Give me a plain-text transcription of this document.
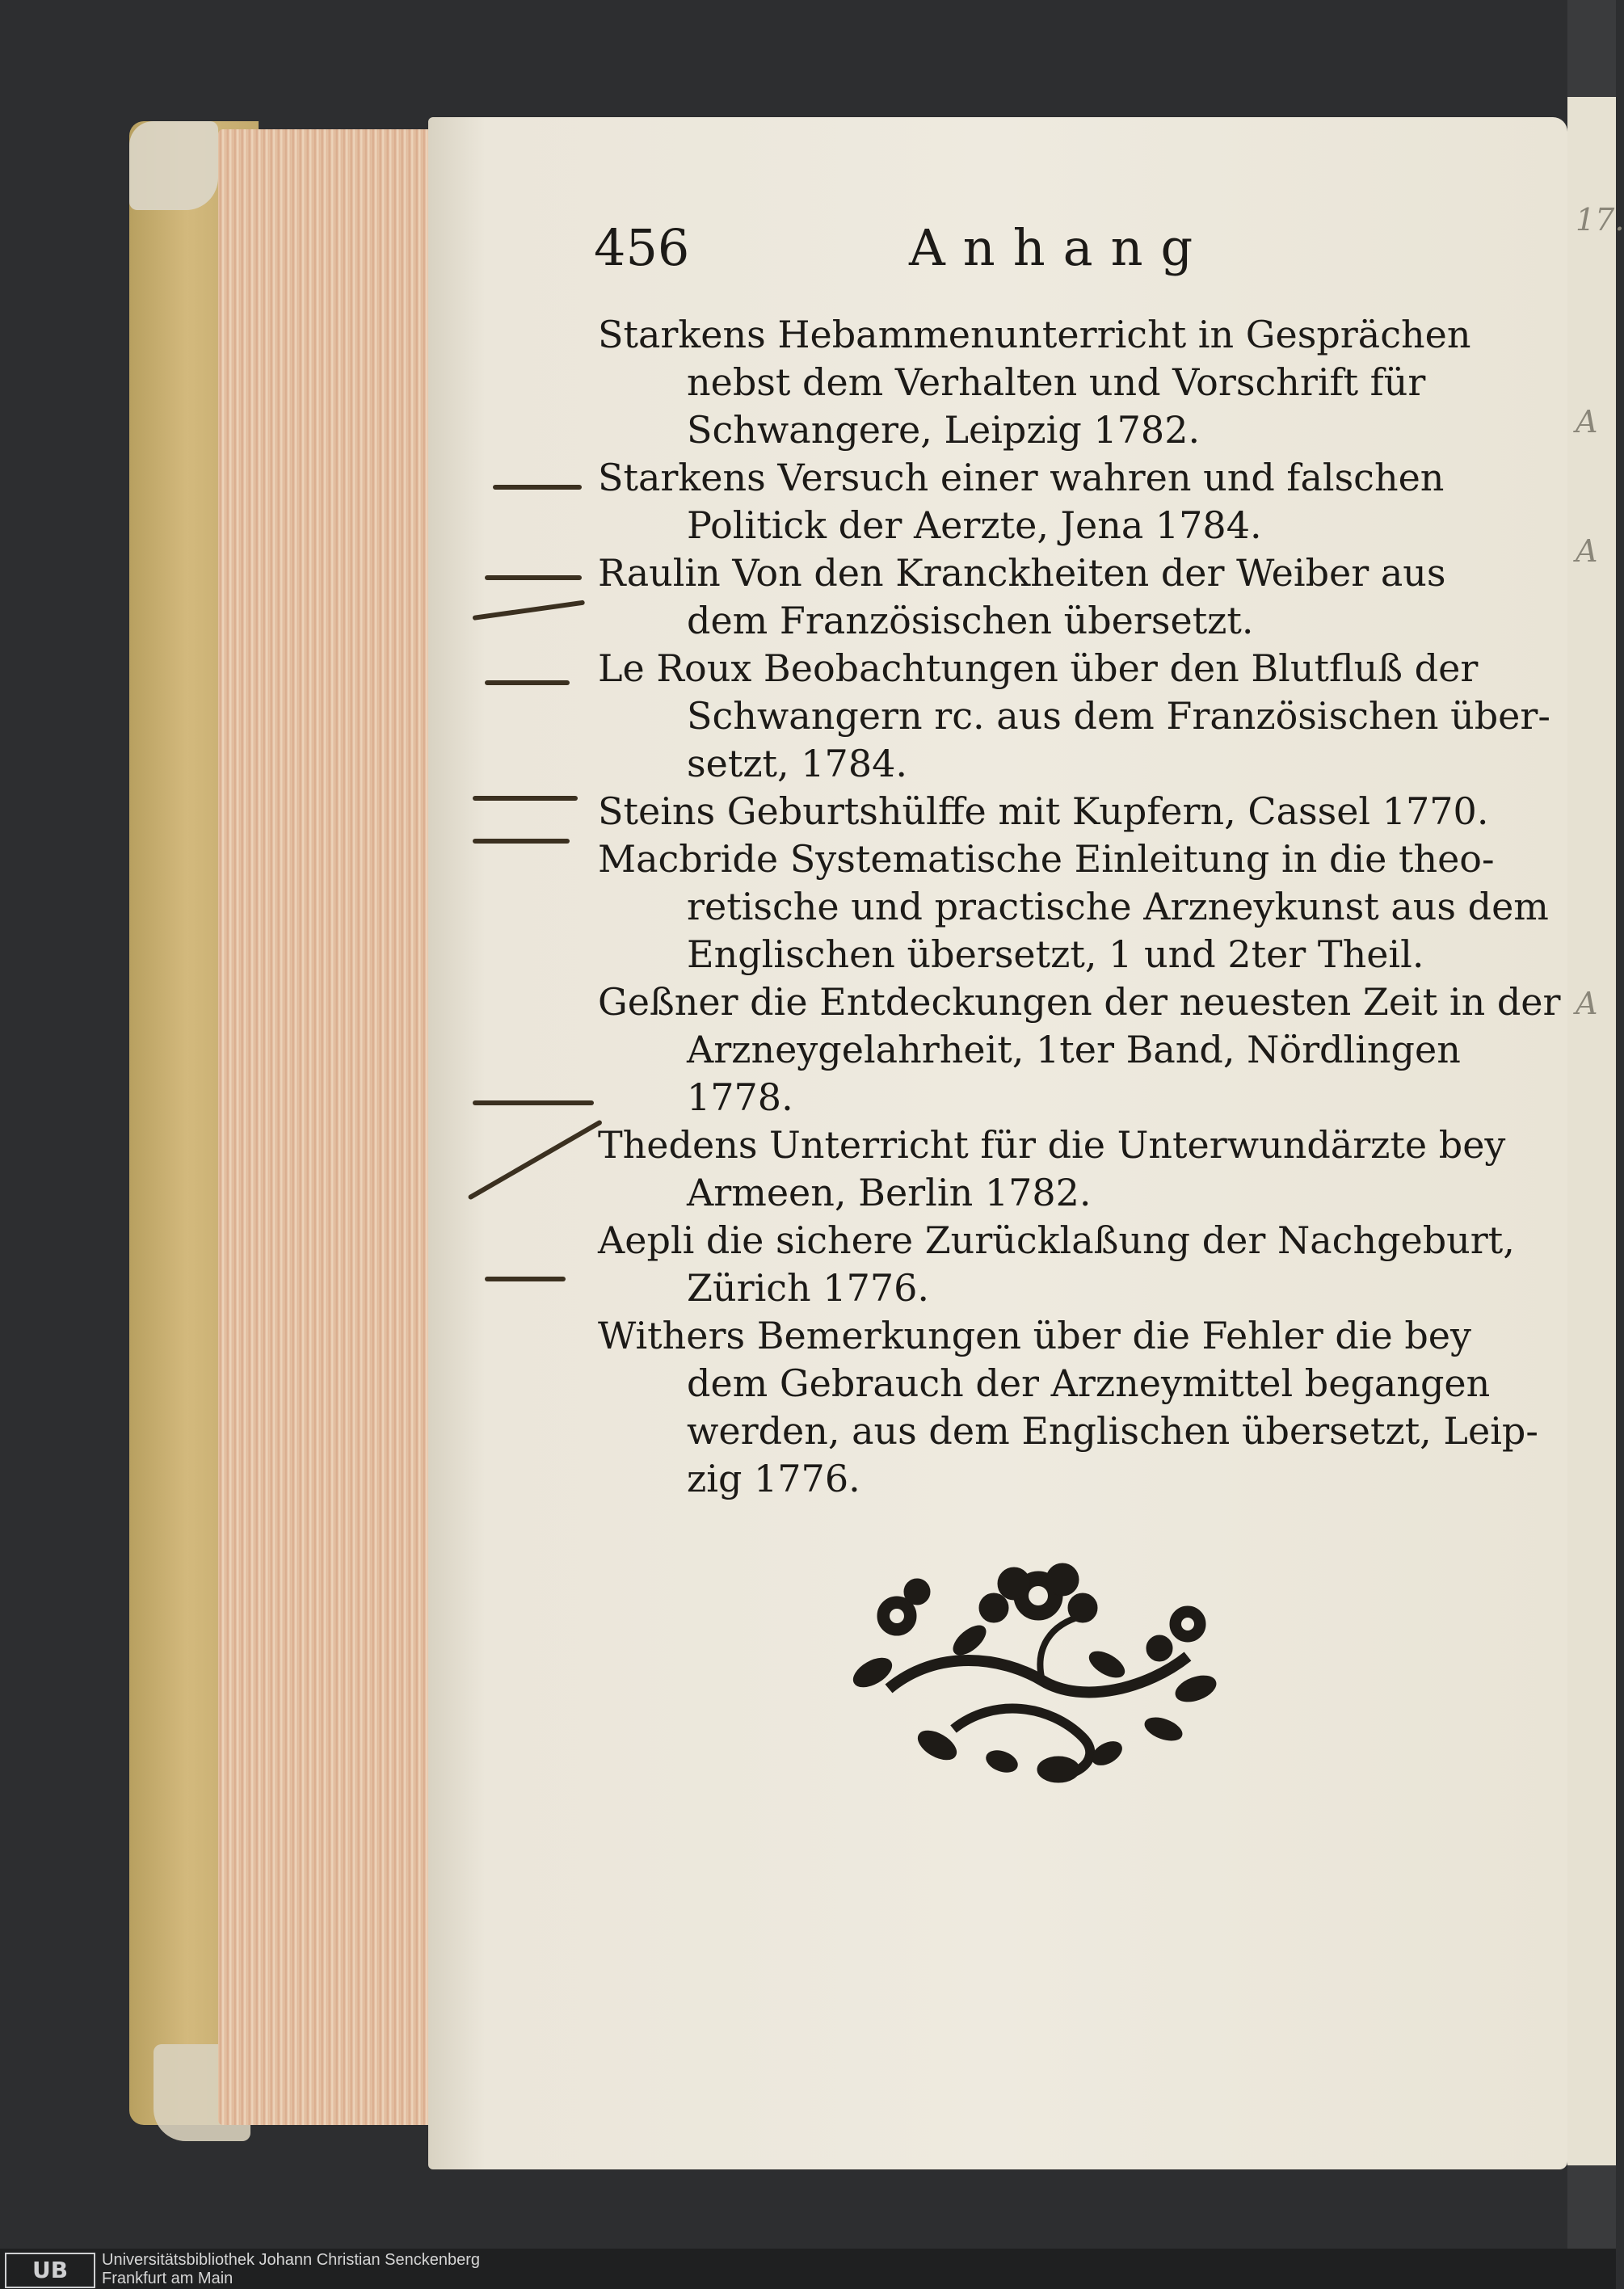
17.
A
A
A
456	Anhang
Starkens Hebammenunterricht in Gesprächen
nebst dem Verhalten und Vorschrift für
Schwangere, Leipzig 1782.
Starkens Versuch einer wahren und falschen
Politick der Aerzte, Jena 1784.
Raulin Von den Kranckheiten der Weiber aus
dem Französischen übersetzt.
Le Roux Beobachtungen über den Blutfluß der
Schwangern rc. aus dem Französischen über-
setzt, 1784.
Steins Geburtshülffe mit Kupfern, Cassel 1770.
Macbride Systematische Einleitung in die theo-
retische und practische Arzneykunst aus dem
Englischen übersetzt, 1 und 2ter Theil.
Geßner die Entdeckungen der neuesten Zeit in der
Arzneygelahrheit, 1ter Band, Nördlingen
1778.
Thedens Unterricht für die Unterwundärzte bey
Armeen, Berlin 1782.
Aepli die sichere Zurücklaßung der Nachgeburt,
Zürich 1776.
Withers Bemerkungen über die Fehler die bey
dem Gebrauch der Arzneymittel begangen
werden, aus dem Englischen übersetzt, Leip-
zig 1776.
UB	Universitätsbibliothek Johann Christian Senckenberg
Frankfurt am Main
